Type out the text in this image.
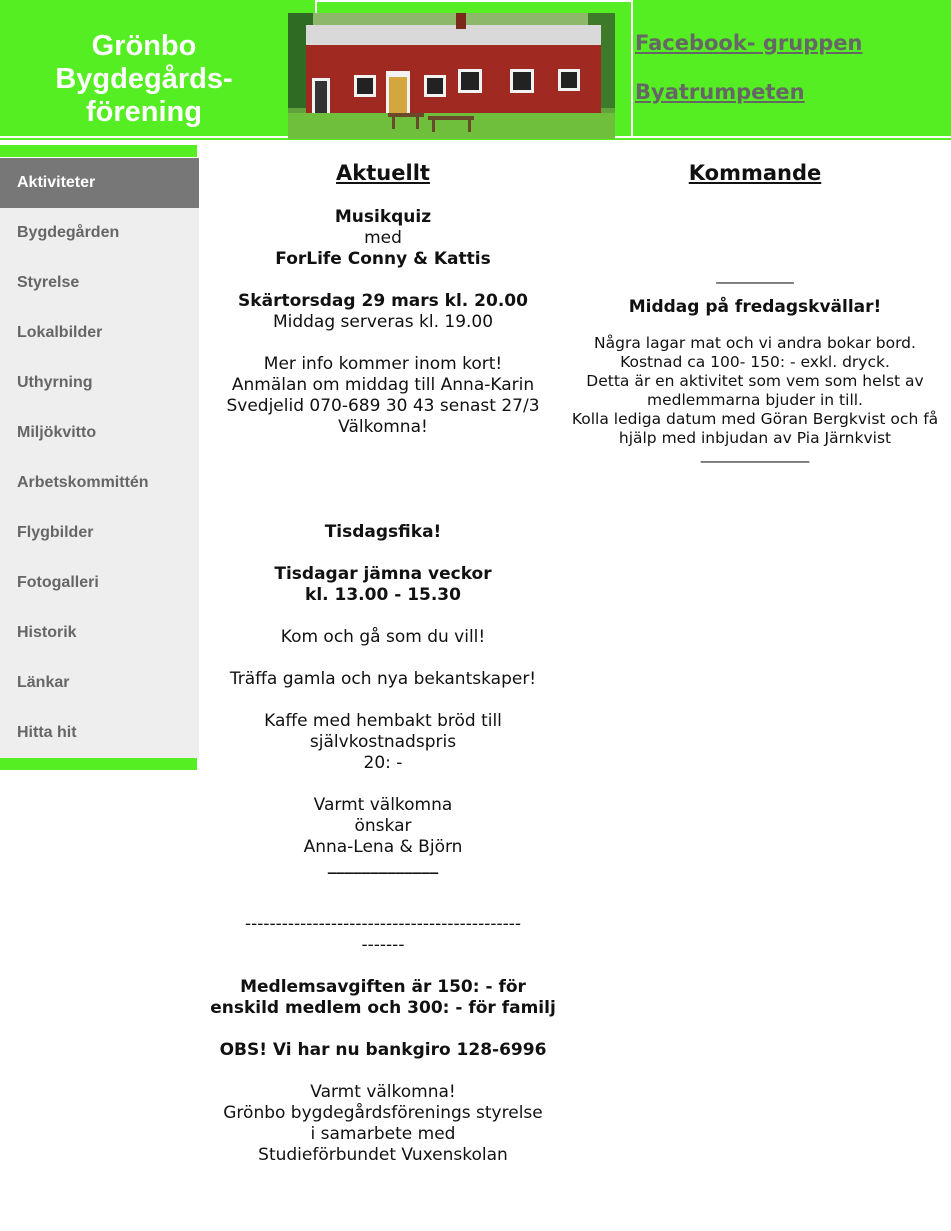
Grönbo
Bygdegårds-
förening
Facebook- gruppen
Byatrumpeten
Aktiviteter
Bygdegården
Styrelse
Lokalbilder
Uthyrning
Miljökvitto
Arbetskommittén
Flygbilder
Fotogalleri
Historik
Länkar
Hitta hit
Aktuellt
Musikquiz
med
ForLife Conny & Kattis
Skärtorsdag 29 mars kl. 20.00
Middag serveras kl. 19.00
Mer info kommer inom kort!
Anmälan om middag till Anna-Karin
Svedjelid 070-689 30 43 senast 27/3
Välkomna!
Tisdagsfika!
Tisdagar jämna veckor
kl. 13.00 - 15.30
Kom och gå som du vill!
Träffa gamla och nya bekantskaper!
Kaffe med hembakt bröd till
självkostnadspris
20: -
Varmt välkomna
önskar
Anna-Lena & Björn
_____________
---------------------------------------------
-------
Medlemsavgiften är 150: - för
enskild medlem och 300: - för familj
OBS! Vi har nu bankgiro 128-6996
Varmt välkomna!
Grönbo bygdegårdsförenings styrelse
i samarbete med
Studieförbundet Vuxenskolan
Kommande
__________
Middag på fredagskvällar!
Några lagar mat och vi andra bokar bord.
Kostnad ca 100- 150: - exkl. dryck.
Detta är en aktivitet som vem som helst av
medlemmarna bjuder in till.
Kolla lediga datum med Göran Bergkvist och få
hjälp med inbjudan av Pia Järnkvist
______________
